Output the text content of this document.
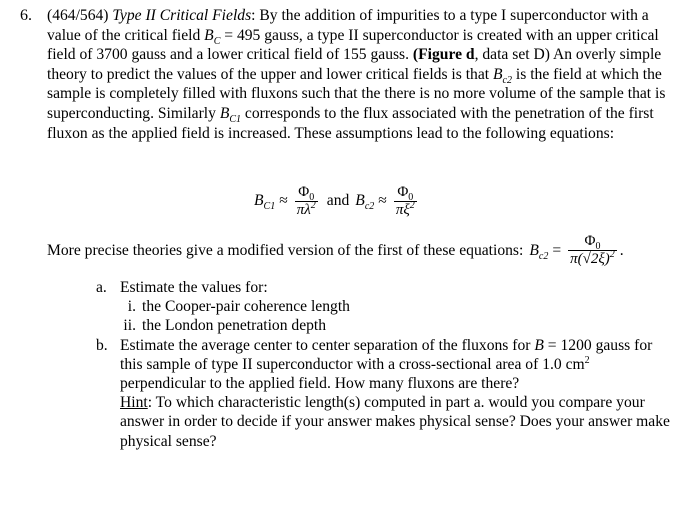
6. (464/564) Type II Critical Fields: By the addition of impurities to a type I superconductor with a value of the critical field $B_C = 495$ gauss, a type II superconductor is created with an upper critical field of 3700 gauss and a lower critical field of 155 gauss. (Figure d, data set D) An overly simple theory to predict the values of the upper and lower critical fields is that $B_{c2}$ is the field at which the sample is completely filled with fluxons such that the there is no more volume of the sample that is superconducting. Similarly $B_{C1}$ corresponds to the flux associated with the penetration of the first fluxon as the applied field is increased. These assumptions lead to the following equations:

$B_{C1} \approx \frac{\Phi_0}{\pi\lambda^2}$ and $B_{c2} \approx \frac{\Phi_0}{\pi\xi^2}$
More precise theories give a modified version of the first of these equations: $B_{c2} = \frac{\Phi_0}{\pi(√2\xi)^2}$ .
a. Estimate the values for:
i. the Cooper-pair coherence length
ii. the London penetration depth
b. Estimate the average center to center separation of the fluxons for B = 1200 gauss for this sample of type II superconductor with a cross-sectional area of 1.0 $cm^2$ perpendicular to the applied field. How many fluxons are there?
Hint: To which characteristic length(s) computed in part a. would you compare your answer in order to decide if your answer makes physical sense? Does your answer make physical sense?
